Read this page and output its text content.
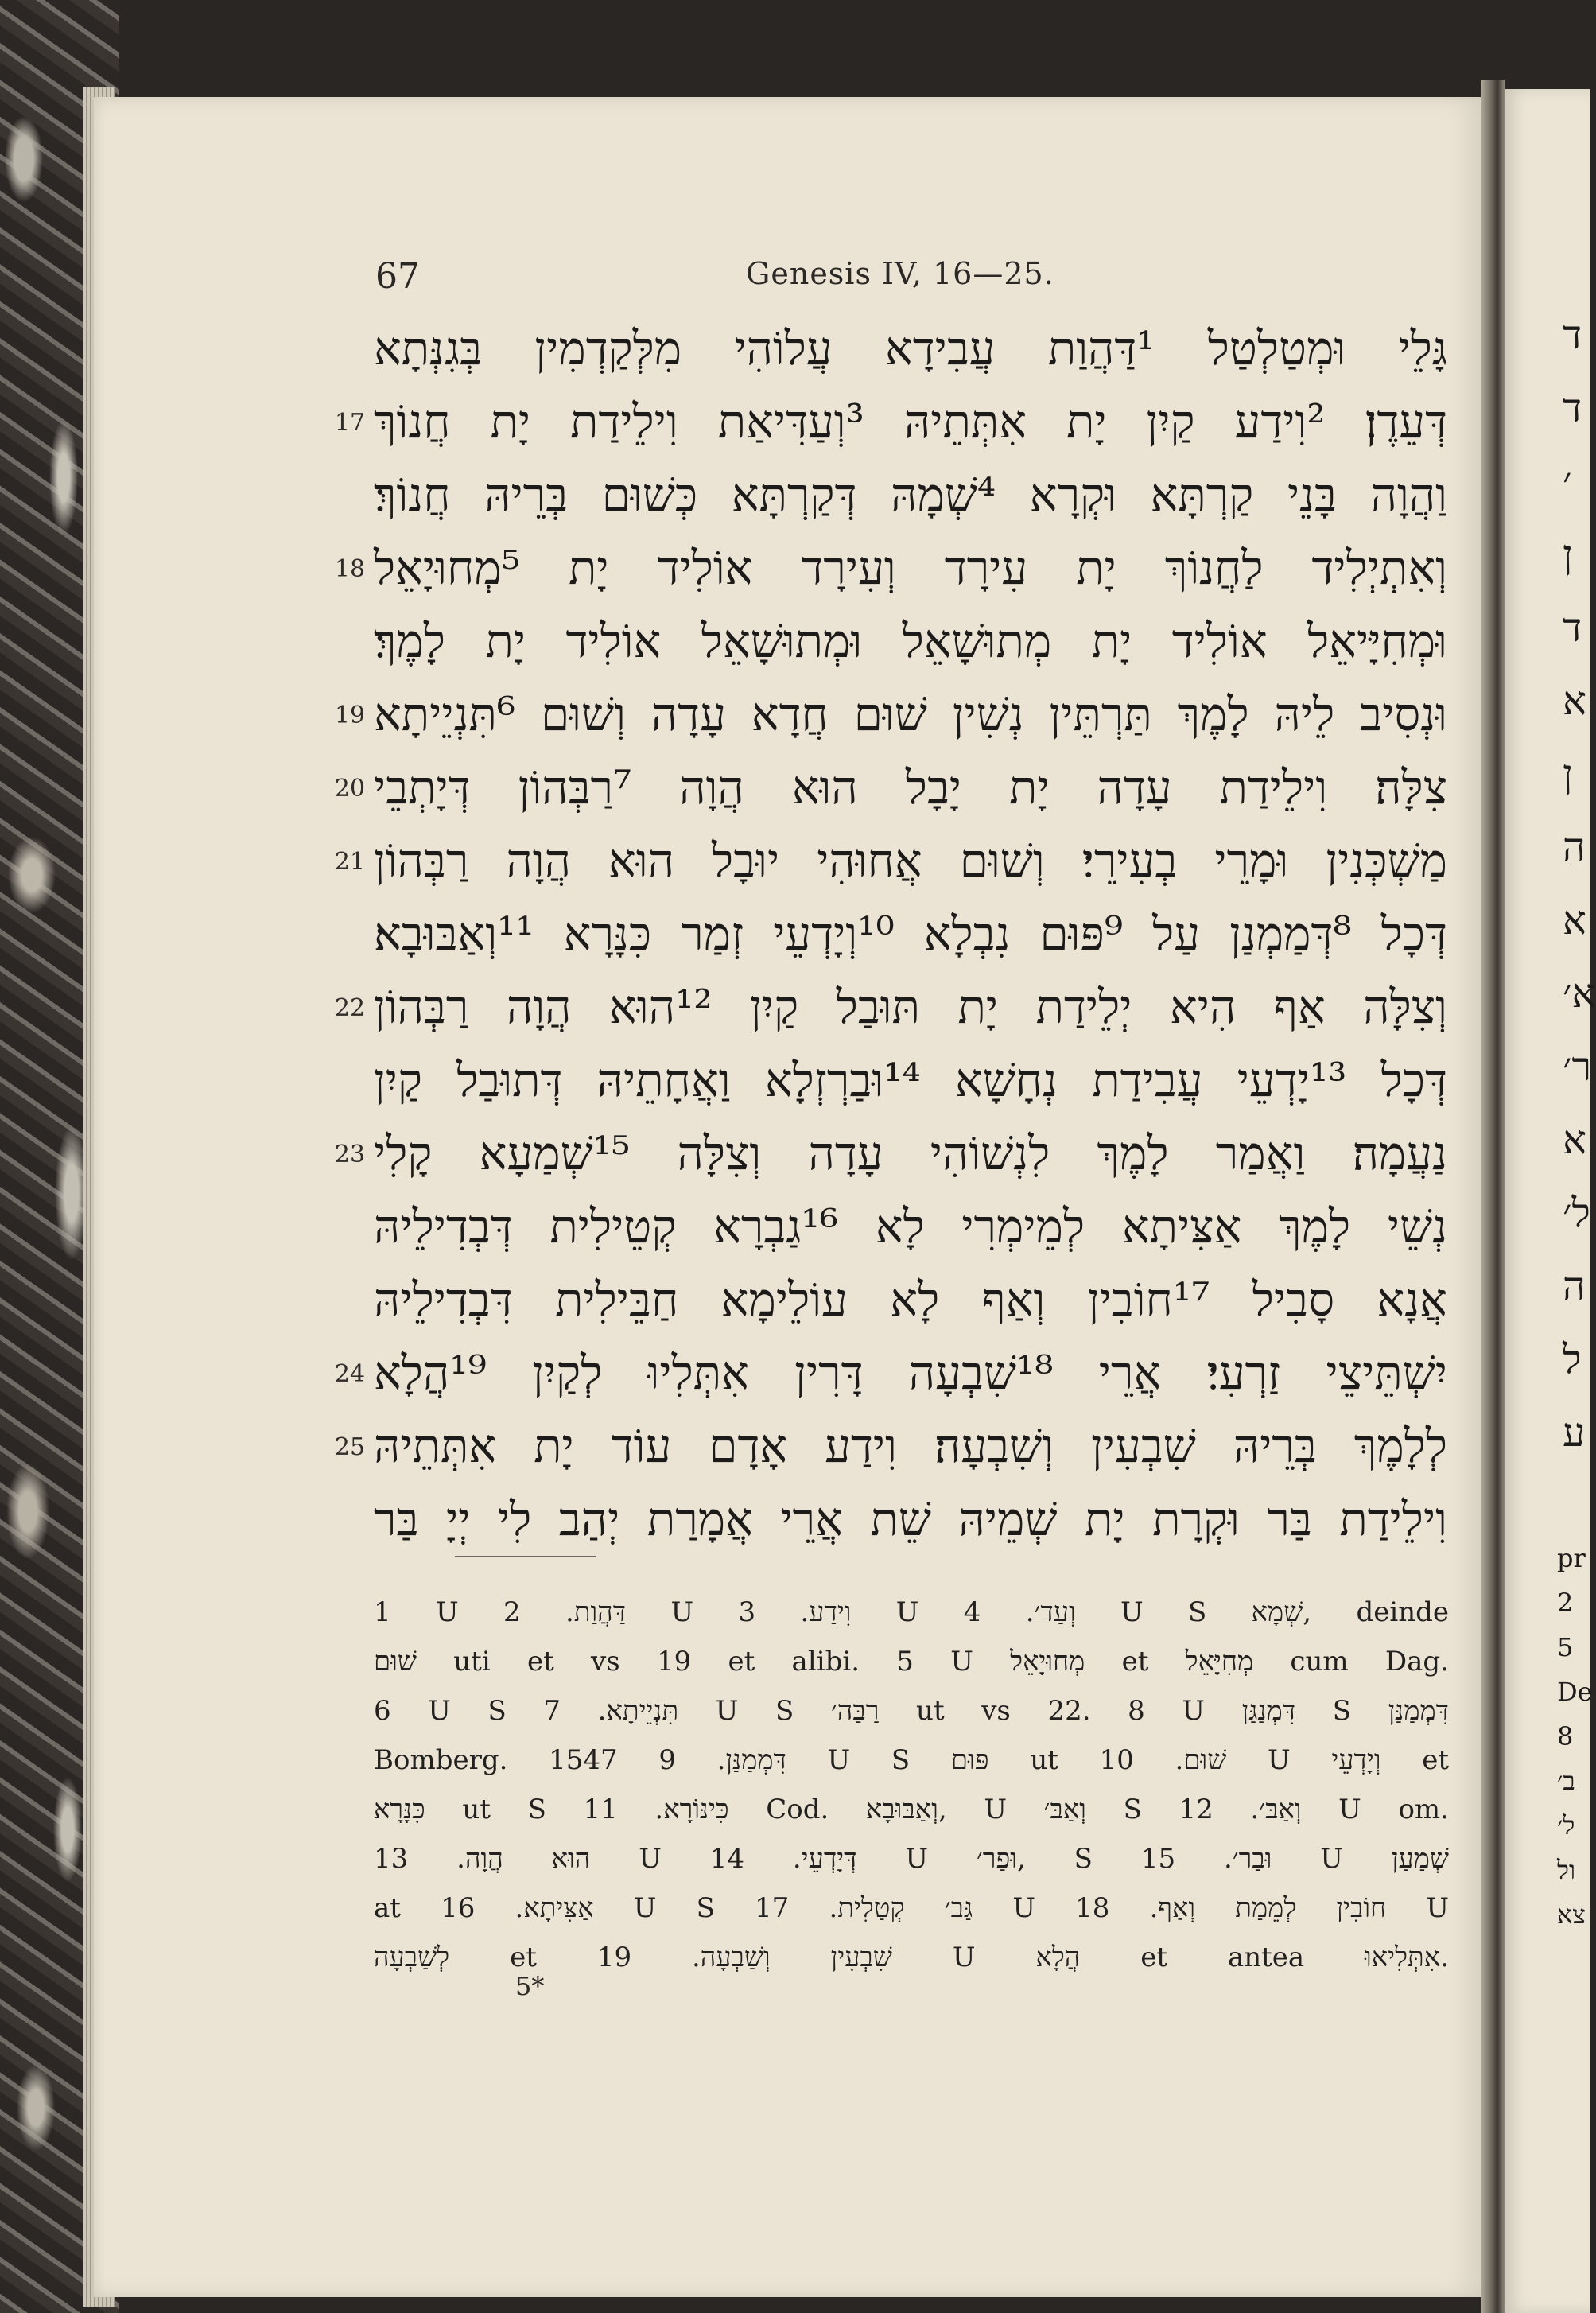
67	Genesis IV, 16—25.
גָּלֵי וּמְטַלְטַל ¹דַּהֲוַת עֲבִידָא עֲלוֹהִי מִלְּקַדְמִין בְּגִנְּתָא
דְּעֵדֶן׃ ²וִידַע קַיִן יָת אִתְּתֵיהּ ³וְעַדִּיאַת וִילֵידַת יָת חֲנוֹךְ
17
וַהֲוָה בָּנֵי קַרְתָּא וּקְרָא ⁴שְׁמָהּ דְּקַרְתָּא כְּשׁוּם בְּרֵיהּ חֲנוֹךְ׃
וְאִתְיְלִיד לַחֲנוֹךְ יָת עִירָד וְעִירָד אוֹלִיד יָת ⁵מְחוּיָאֵל
18
וּמְחִיָּיאֵל אוֹלִיד יָת מְתוּשָׁאֵל וּמְתוּשָׁאֵל אוֹלִיד יָת לָמֶךְ׃
וּנְסִיב לֵיהּ לָמֶךְ תַּרְתֵּין נְשִׁין שׁוּם חֲדָא עָדָה וְשׁוּם ⁶תִּנְיֵיתָא
19
צִלָּה׃ וִילֵידַת עָדָה יָת יָבָל הוּא הֲוָה ⁷רַבְּהוֹן דְּיָתְבֵי
20
מַשְׁכְּנִין וּמָרֵי בְעִירֵי׃ וְשׁוּם אֲחוּהִי יוּבָל הוּא הֲוָה רַבְּהוֹן
21
דְּכָל ⁸דְּמַמְנַן עַל ⁹פּוּם נִבְלָא ¹⁰וְיָדְעֵי זְמַר כִּנָּרָא ¹¹וְאַבּוּבָא׃
וְצִלָּה אַף הִיא יְלֵידַת יָת תּוּבַל קַיִן ¹²הוּא הֲוָה רַבְּהוֹן
22
דְּכָל ¹³יָדְעֵי עֲבִידַת נְחָשָׁא ¹⁴וּבַרְזְלָא וַאֲחָתֵיהּ דְּתוּבַל קַיִן
נַעֲמָה׃ וַאֲמַר לָמֶךְ לִנְשׁוֹהִי עָדָה וְצִלָּה ¹⁵שְׁמַעָא קָלִי
23
נְשֵׁי לָמֶךְ אַצִּיתָא לְמֵימְרִי לָא ¹⁶גַבְרָא קְטֵילִית דְּבְדִילֵיהּ
אֲנָא סָבִיל ¹⁷חוֹבִין וְאַף לָא עוֹלֵימָא חַבֵּילִית דִּבְדִילֵיהּ
יִשְׁתֵּיצֵי זַרְעִי׃ אֲרֵי ¹⁸שִׁבְעָה דָּרִין אִתְּלִיוּ לְקַיִן ¹⁹הֲלָא
24
לְלָמֶךְ בְּרֵיהּ שִׁבְעִין וְשִׁבְעָה׃ וִידַע אָדָם עוֹד יָת אִתְּתֵיהּ
25
וִילֵידַת בַּר וּקְרָת יָת שְׁמֵיהּ שֵׁת אֲרֵי אֲמָרַת יְהַב לִי יְיָ בַּר
1 U דַּהֲוַת. 2 U וִידַע. 3 U וְעַד׳. 4 U S שְׁמָא, deinde
שׁוּם uti et vs 19 et alibi. 5 U מְחוּיָאֵל et מְחִיָּאֵל cum Dag.
6 U S תִּנְיֵיתָא. 7 U S רַבַּה׳ ut vs 22. 8 U דִּמְנַגַּן S דִּמְמַנַּן
Bomberg. 1547 דִּמְמַנַּן. 9 U S פּוּם ut שׁוּם. 10 U וְיָדְעֵי et
כִּנָּרָא ut S כִּינּוֹרָא. 11 Cod. וְאַבּוּבָא, U וְאַבּ׳ S וְאַבּ׳. 12 U om.
הוּא הֲוָה. 13 U דְּיָדְעֵי. 14 U וּפַר׳, S וּבַר׳. 15 U שְׁמַעַן
at אַצִּיתָא. 16 U S גַּב׳ קְטַלִית. 17 U חוֹבִין לְמֵמַת וְאַף. 18 U
לְשַׁבְעָה et שִׁבְעִין וְשַׁבְעָה. 19 U הֲלָא et antea אִתְּלִיאוּ.
5*
ד
ד
׳
ן
ד
א
ן
ה
א
א׳
ר׳
א
ל׳
ה
ל
ע
pr
2
5
De
8
ב׳
ל׳
ול
צא
